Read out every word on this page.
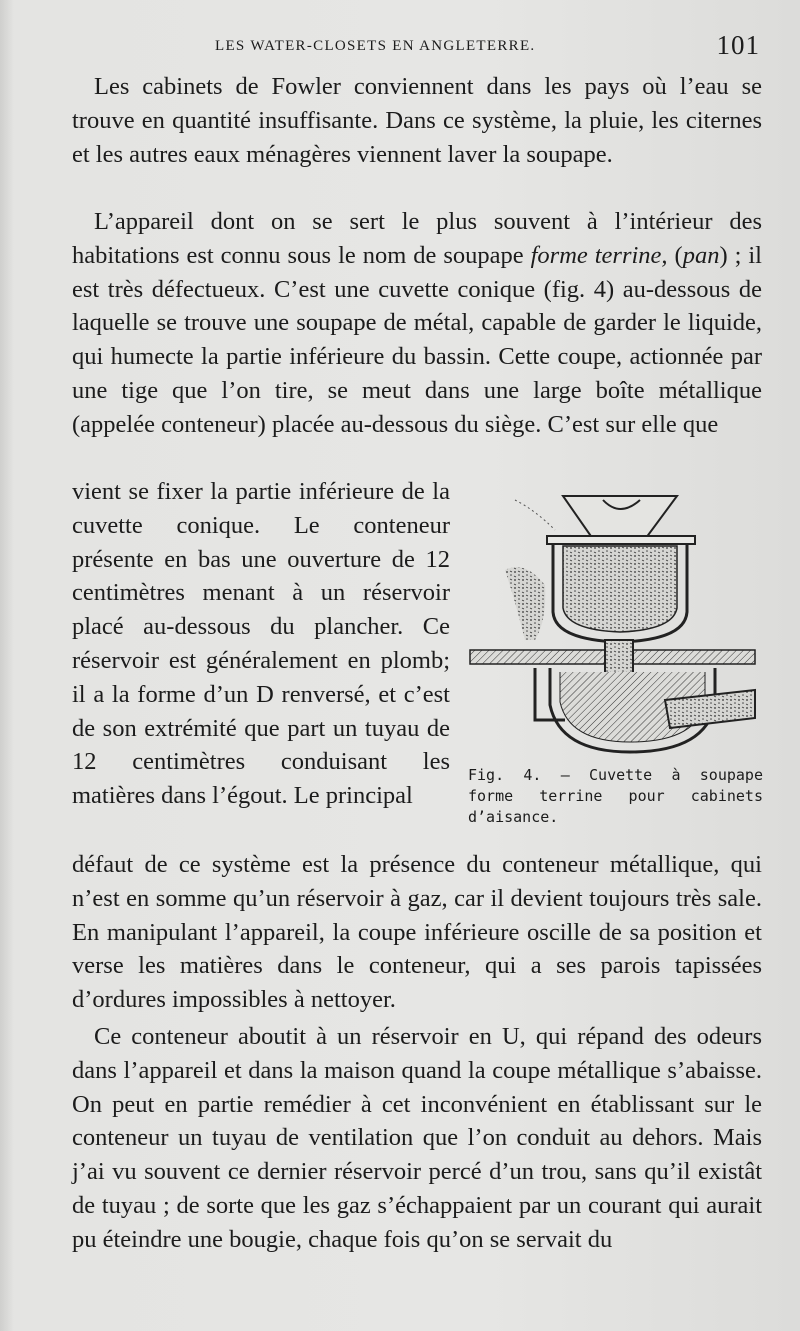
LES WATER-CLOSETS EN ANGLETERRE.	101

Les cabinets de Fowler conviennent dans les pays où l’eau se trouve en quantité insuffisante. Dans ce système, la pluie, les citernes et les autres eaux ménagères viennent laver la soupape.

L’appareil dont on se sert le plus souvent à l’intérieur des habitations est connu sous le nom de soupape forme terrine, (pan) ; il est très défectueux. C’est une cuvette conique (fig. 4) au-dessous de laquelle se trouve une soupape de métal, capable de garder le liquide, qui humecte la partie inférieure du bassin. Cette coupe, actionnée par une tige que l’on tire, se meut dans une large boîte métallique (appelée conteneur) placée au-dessous du siège. C’est sur elle que

vient se fixer la partie inférieure de la cuvette conique. Le conteneur présente en bas une ouverture de 12 centimètres menant à un réservoir placé au-dessous du plancher. Ce réservoir est généralement en plomb; il a la forme d’un D renversé, et c’est de son extrémité que part un tuyau de 12 centimètres conduisant les matières dans l’égout. Le principal

Fig. 4. — Cuvette à soupape forme terrine pour cabinets d’aisance.

défaut de ce système est la présence du conteneur métallique, qui n’est en somme qu’un réservoir à gaz, car il devient toujours très sale. En manipulant l’appareil, la coupe inférieure oscille de sa position et verse les matières dans le conteneur, qui a ses parois tapissées d’ordures impossibles à nettoyer.

Ce conteneur aboutit à un réservoir en U, qui répand des odeurs dans l’appareil et dans la maison quand la coupe métallique s’abaisse. On peut en partie remédier à cet inconvénient en établissant sur le conteneur un tuyau de ventilation que l’on conduit au dehors. Mais j’ai vu souvent ce dernier réservoir percé d’un trou, sans qu’il existât de tuyau ; de sorte que les gaz s’échappaient par un courant qui aurait pu éteindre une bougie, chaque fois qu’on se servait du
